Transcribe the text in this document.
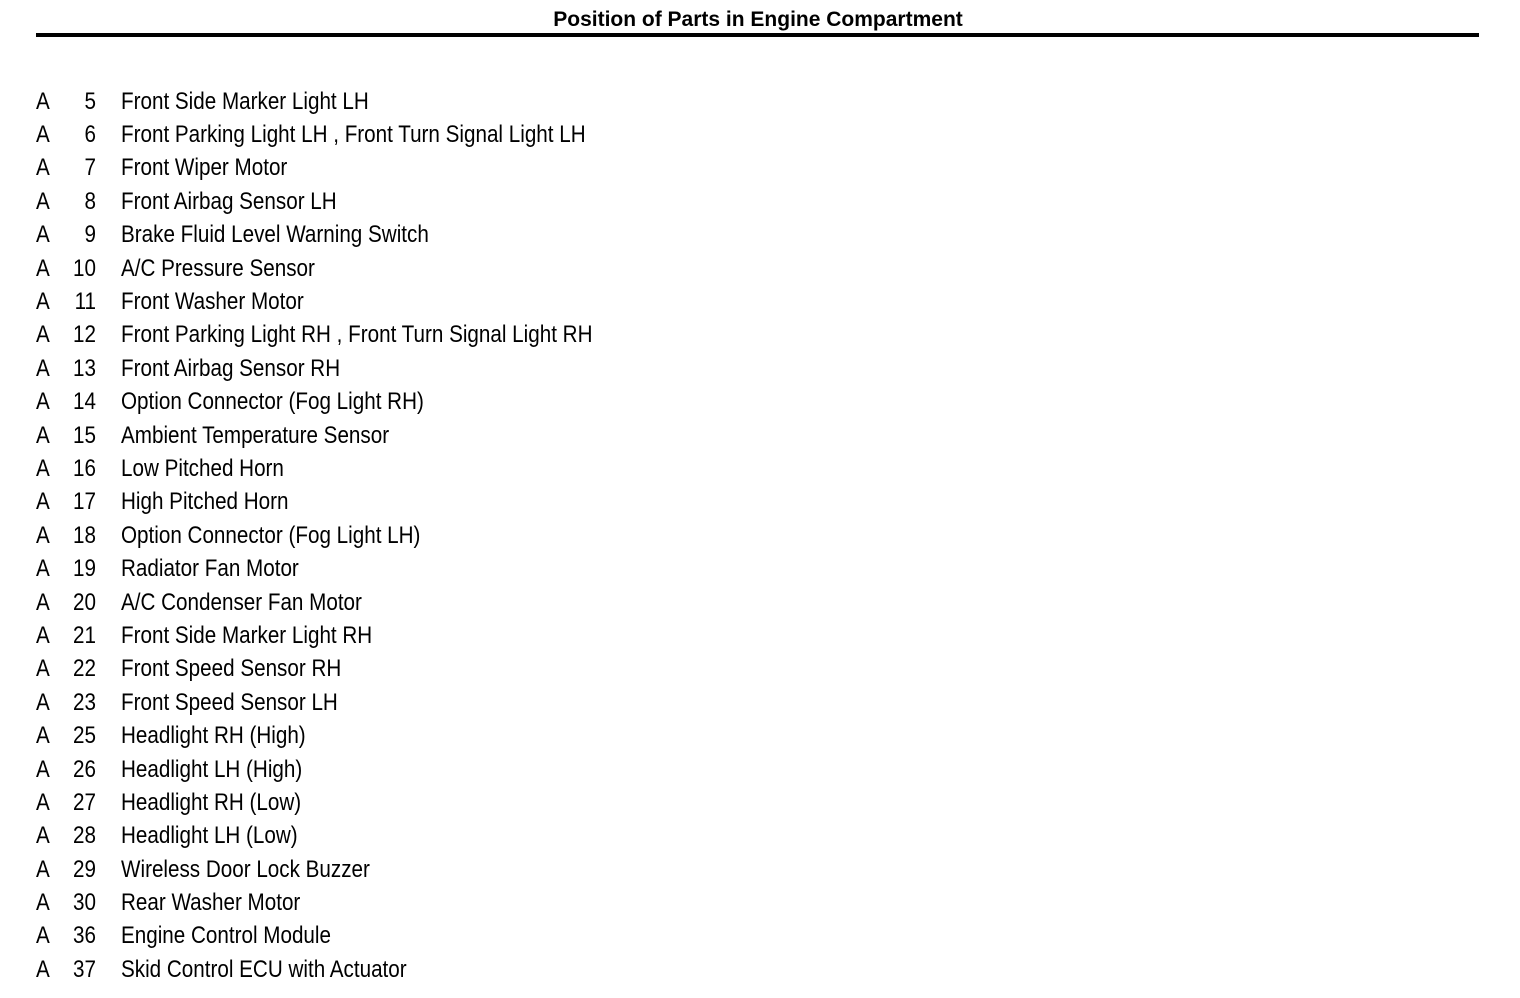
Position of Parts in Engine Compartment
A	5 Front Side Marker Light LH
A	6 Front Parking Light LH , Front Turn Signal Light LH
A	7 Front Wiper Motor
A	8 Front Airbag Sensor LH
A	9 Brake Fluid Level Warning Switch
A 10 A/C Pressure Sensor
A	11 Front Washer Motor
A 12 Front Parking Light RH , Front Turn Signal Light RH
A 13 Front Airbag Sensor RH
A 14 Option Connector (Fog Light RH)
A 15 Ambient Temperature Sensor
A 16 Low Pitched Horn
A 17 High Pitched Horn
A 18 Option Connector (Fog Light LH)
A 19 Radiator Fan Motor
A 20 A/C Condenser Fan Motor
A 21 Front Side Marker Light RH
A 22 Front Speed Sensor RH
A 23 Front Speed Sensor LH
A 25 Headlight RH (High)
A 26 Headlight LH (High)
A 27 Headlight RH (Low)
A 28 Headlight LH (Low)
A 29 Wireless Door Lock Buzzer
A 30 Rear Washer Motor
A 36 Engine Control Module
A 37 Skid Control ECU with Actuator
